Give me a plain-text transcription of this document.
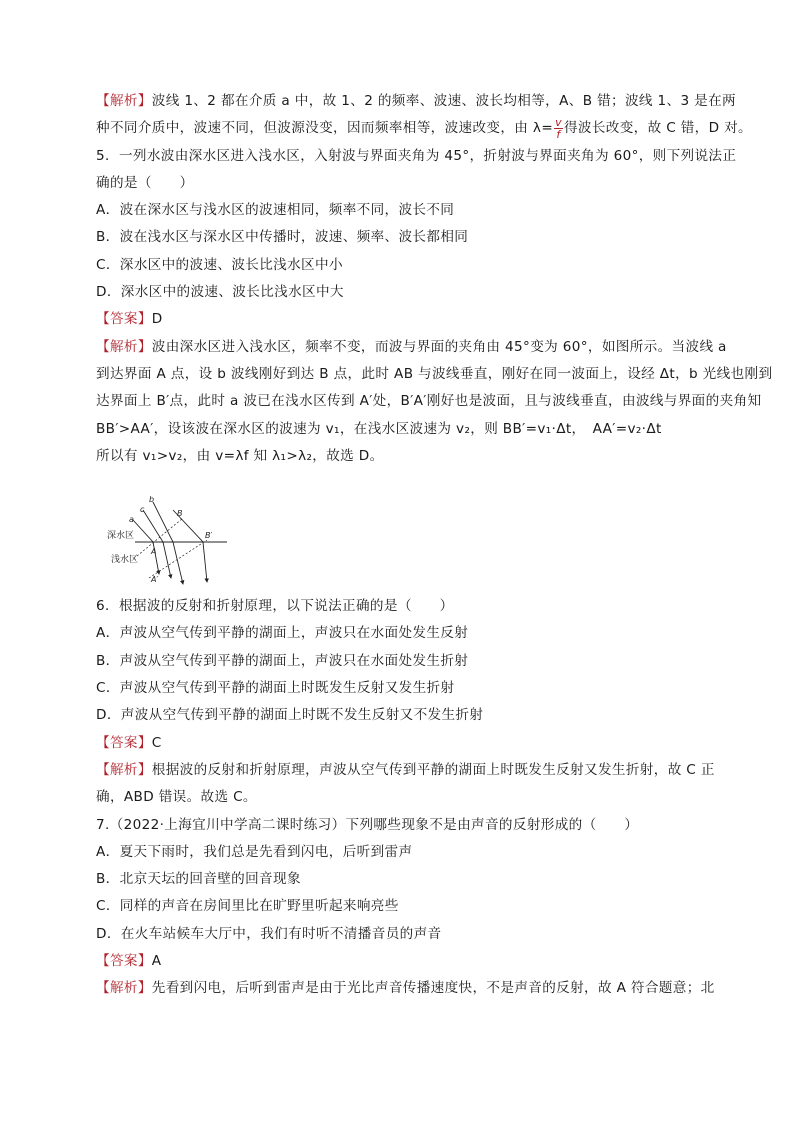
【解析】波线 1、2 都在介质 a 中，故 1、2 的频率、波速、波长均相等，A、B 错；波线 1、3 是在两
种不同介质中，波速不同，但波源没变，因而频率相等，波速改变，由 $\lambda= \frac{v}{f}$ 得波长改变，故 C 错，D 对。
5．一列水波由深水区进入浅水区，入射波与界面夹角为 45°，折射波与界面夹角为 60°，则下列说法正
确的是（　　）
A．波在深水区与浅水区的波速相同，频率不同，波长不同
B．波在浅水区与深水区中传播时，波速、频率、波长都相同
C．深水区中的波速、波长比浅水区中小
D．深水区中的波速、波长比浅水区中大
【答案】D
【解析】波由深水区进入浅水区，频率不变，而波与界面的夹角由 45°变为 60°，如图所示。当波线 a
到达界面 A 点，设 b 波线刚好到达 B 点，此时 AB 与波线垂直，刚好在同一波面上，设经 Δt，b 光线也刚到
达界面上 B′点，此时 a 波已在浅水区传到 A′处，B′A′刚好也是波面，且与波线垂直，由波线与界面的夹角知
BB′>AA′，设该波在深水区的波速为 v₁，在浅水区波速为 v₂，则 BB′=v₁·Δt，　AA′=v₂·Δt
所以有 v₁>v₂，由 v=λf 知 λ₁>λ₂，故选 D。
6．根据波的反射和折射原理，以下说法正确的是（　　）
A．声波从空气传到平静的湖面上，声波只在水面处发生反射
B．声波从空气传到平静的湖面上，声波只在水面处发生折射
C．声波从空气传到平静的湖面上时既发生反射又发生折射
D．声波从空气传到平静的湖面上时既不发生反射又不发生折射
【答案】C
【解析】根据波的反射和折射原理，声波从空气传到平静的湖面上时既发生反射又发生折射，故 C 正
确，ABD 错误。故选 C。
7.（2022·上海宜川中学高二课时练习）下列哪些现象不是由声音的反射形成的（　　）
A．夏天下雨时，我们总是先看到闪电，后听到雷声
B．北京天坛的回音壁的回音现象
C．同样的声音在房间里比在旷野里听起来响亮些
D．在火车站候车大厅中，我们有时听不清播音员的声音
【答案】A
【解析】先看到闪电，后听到雷声是由于光比声音传播速度快，不是声音的反射，故 A 符合题意；北
深水区
浅水区
b
c
a
B
B′
A
A′
